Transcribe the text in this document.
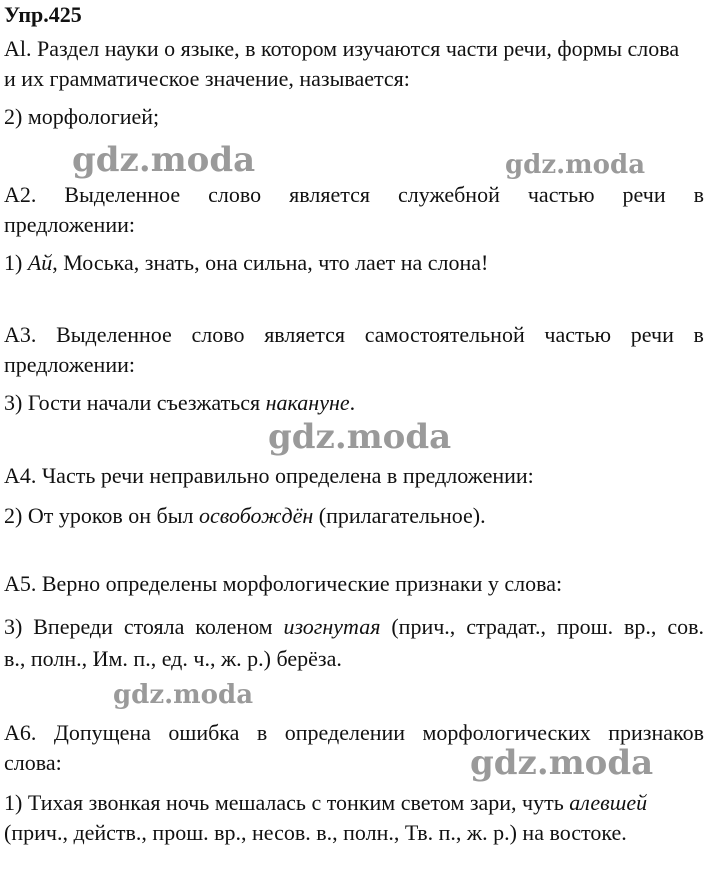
Упр.425
Al. Раздел науки о языке, в котором изучаются части речи, формы слова
и их грамматическое значение, называется:
2) морфологией;
А2. Выделенное слово является служебной частью речи в
предложении:
1) Ай, Моська, знать, она сильна, что лает на слона!
А3. Выделенное слово является самостоятельной частью речи в
предложении:
3) Гости начали съезжаться накануне.
А4. Часть речи неправильно определена в предложении:
2) От уроков он был освобождён (прилагательное).
А5. Верно определены морфологические признаки у слова:
3) Впереди стояла коленом изогнутая (прич., страдат., прош. вр., сов.
в., полн., Им. п., ед. ч., ж. р.) берёза.
А6. Допущена ошибка в определении морфологических признаков
слова:
1) Тихая звонкая ночь мешалась с тонким светом зари, чуть алевшей
(прич., действ., прош. вр., несов. в., полн., Тв. п., ж. р.) на востоке.
gdz.moda	gdz.moda
gdz.moda
gdz.moda
gdz.moda
